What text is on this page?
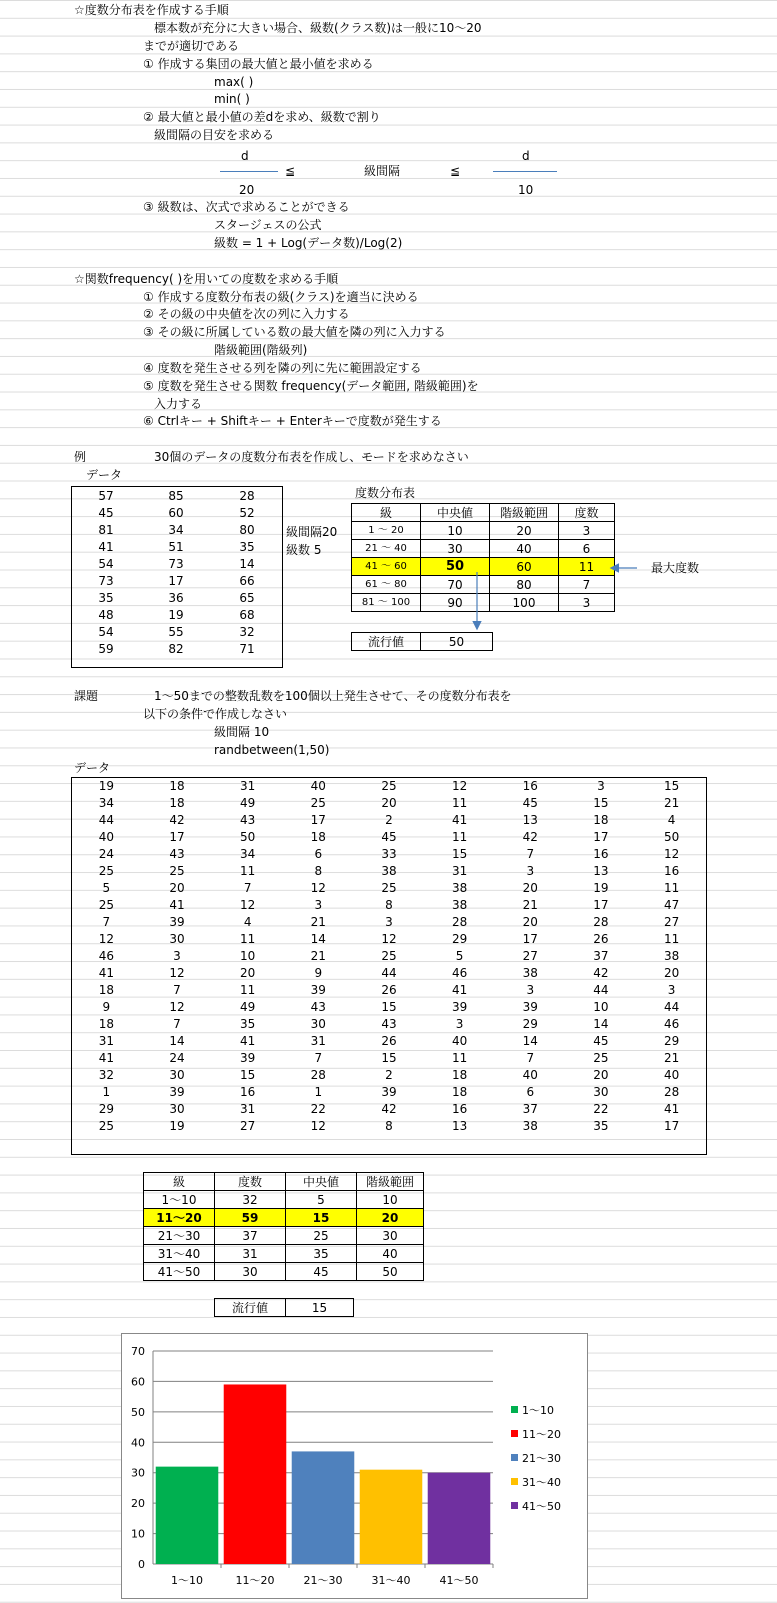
☆度数分布表を作成する手順
標本数が充分に大きい場合、級数(クラス数)は一般に10〜20
までが適切である
① 作成する集団の最大値と最小値を求める
max( )
min( )
② 最大値と最小値の差dを求め、級数で割り
級間隔の目安を求める
d
≦	級間隔	≦
d
20	10
③ 級数は、次式で求めることができる
スタージェスの公式
級数 = 1 + Log(データ数)/Log(2)
☆関数frequency( )を用いての度数を求める手順
① 作成する度数分布表の級(クラス)を適当に決める
② その級の中央値を次の列に入力する
③ その級に所属している数の最大値を隣の列に入力する
階級範囲(階級列)
④ 度数を発生させる列を隣の列に先に範囲設定する
⑤ 度数を発生させる関数 frequency(データ範囲, 階級範囲)を
入力する
⑥ Ctrlキー + Shiftキー + Enterキーで度数が発生する
例	30個のデータの度数分布表を作成し、モードを求めなさい
データ
57	85	28
45	60	52
81	34	80
41	51	35
54	73	14
73	17	66
35	36	65
48	19	68
54	55	32
59	82	71
級間隔20
級数 5
度数分布表
級	中央値	階級範囲	度数
1 〜 20	10	20	3
21 〜 40	30	40	6
41 〜 60	50	60	11
61 〜 80	70	80	7
81 〜 100	90	100	3
最大度数
流行値	50
課題	1〜50までの整数乱数を100個以上発生させて、その度数分布表を
以下の条件で作成しなさい
級間隔 10
randbetween(1,50)
データ
19	18	31	40	25	12	16	3	15
34	18	49	25	20	11	45	15	21
44	42	43	17	2	41	13	18	4
40	17	50	18	45	11	42	17	50
24	43	34	6	33	15	7	16	12
25	25	11	8	38	31	3	13	16
5	20	7	12	25	38	20	19	11
25	41	12	3	8	38	21	17	47
7	39	4	21	3	28	20	28	27
12	30	11	14	12	29	17	26	11
46	3	10	21	25	5	27	37	38
41	12	20	9	44	46	38	42	20
18	7	11	39	26	41	3	44	3
9	12	49	43	15	39	39	10	44
18	7	35	30	43	3	29	14	46
31	14	41	31	26	40	14	45	29
41	24	39	7	15	11	7	25	21
32	30	15	28	2	18	40	20	40
1	39	16	1	39	18	6	30	28
29	30	31	22	42	16	37	22	41
25	19	27	12	8	13	38	35	17
級	度数	中央値	階級範囲
1〜10	32	5	10
11〜20	59	15	20
21〜30	37	25	30
31〜40	31	35	40
41〜50	30	45	50
流行値	15
0
10
20
30
40
50
60
70
1〜10	11〜20	21〜30	31〜40	41〜50
1〜10
11〜20
21〜30
31〜40
41〜50
